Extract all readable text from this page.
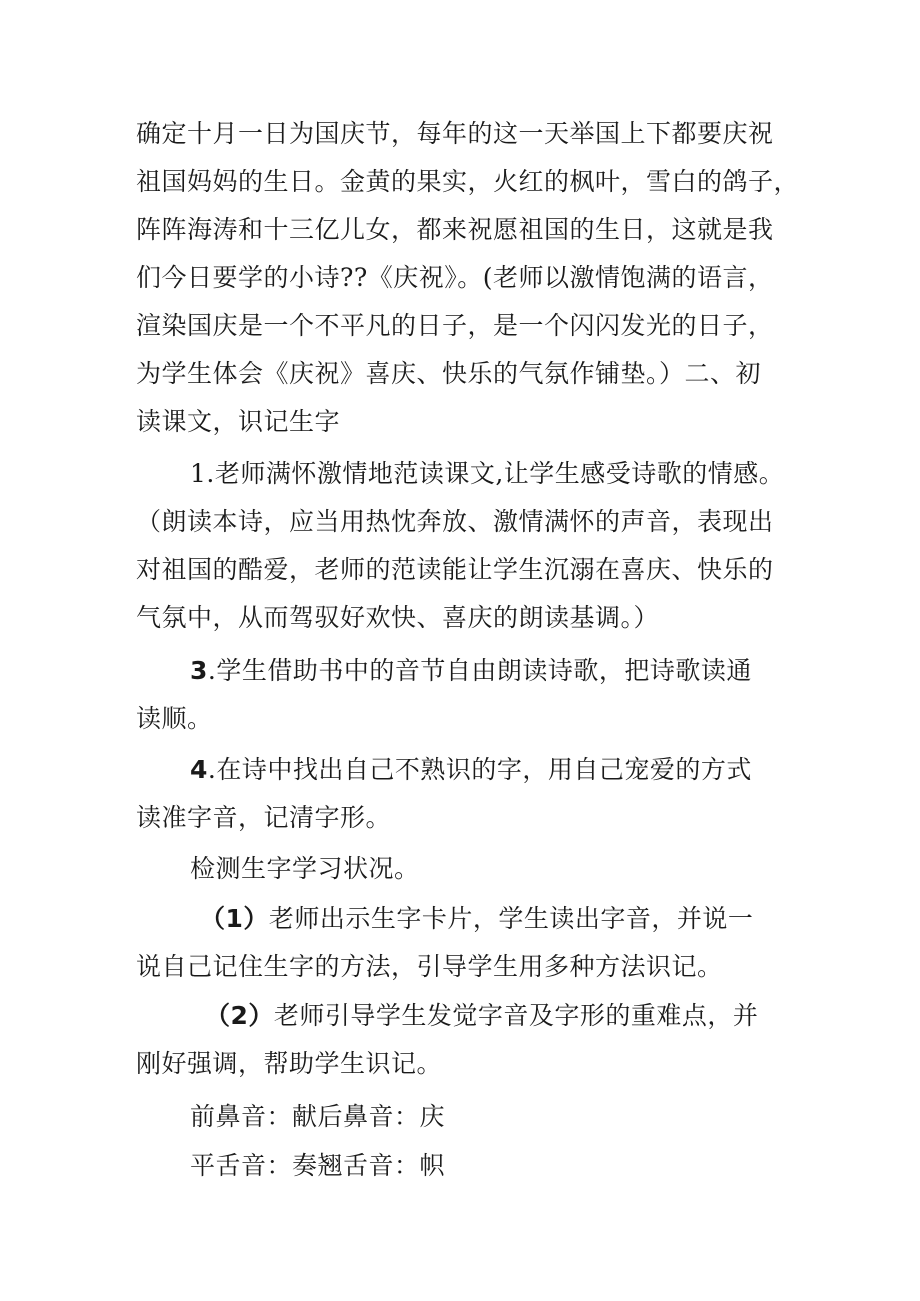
确定十月一日为国庆节，每年的这一天举国上下都要庆祝
祖国妈妈的生日。金黄的果实，火红的枫叶，雪白的鸽子，
阵阵海涛和十三亿儿女，都来祝愿祖国的生日，这就是我
们今日要学的小诗??《庆祝》。(老师以激情饱满的语言，
渲染国庆是一个不平凡的日子，是一个闪闪发光的日子，
为学生体会《庆祝》喜庆、快乐的气氛作铺垫。）二、初
读课文，识记生字
1.老师满怀激情地范读课文,让学生感受诗歌的情感。
（朗读本诗，应当用热忱奔放、激情满怀的声音，表现出
对祖国的酷爱，老师的范读能让学生沉溺在喜庆、快乐的
气氛中，从而驾驭好欢快、喜庆的朗读基调。）
3.学生借助书中的音节自由朗读诗歌，把诗歌读通
读顺。
4.在诗中找出自己不熟识的字，用自己宠爱的方式
读准字音，记清字形。
检测生字学习状况。
（1）老师出示生字卡片，学生读出字音，并说一
说自己记住生字的方法，引导学生用多种方法识记。
（2）老师引导学生发觉字音及字形的重难点，并
刚好强调，帮助学生识记。
前鼻音：献后鼻音：庆
平舌音：奏翘舌音：帜
